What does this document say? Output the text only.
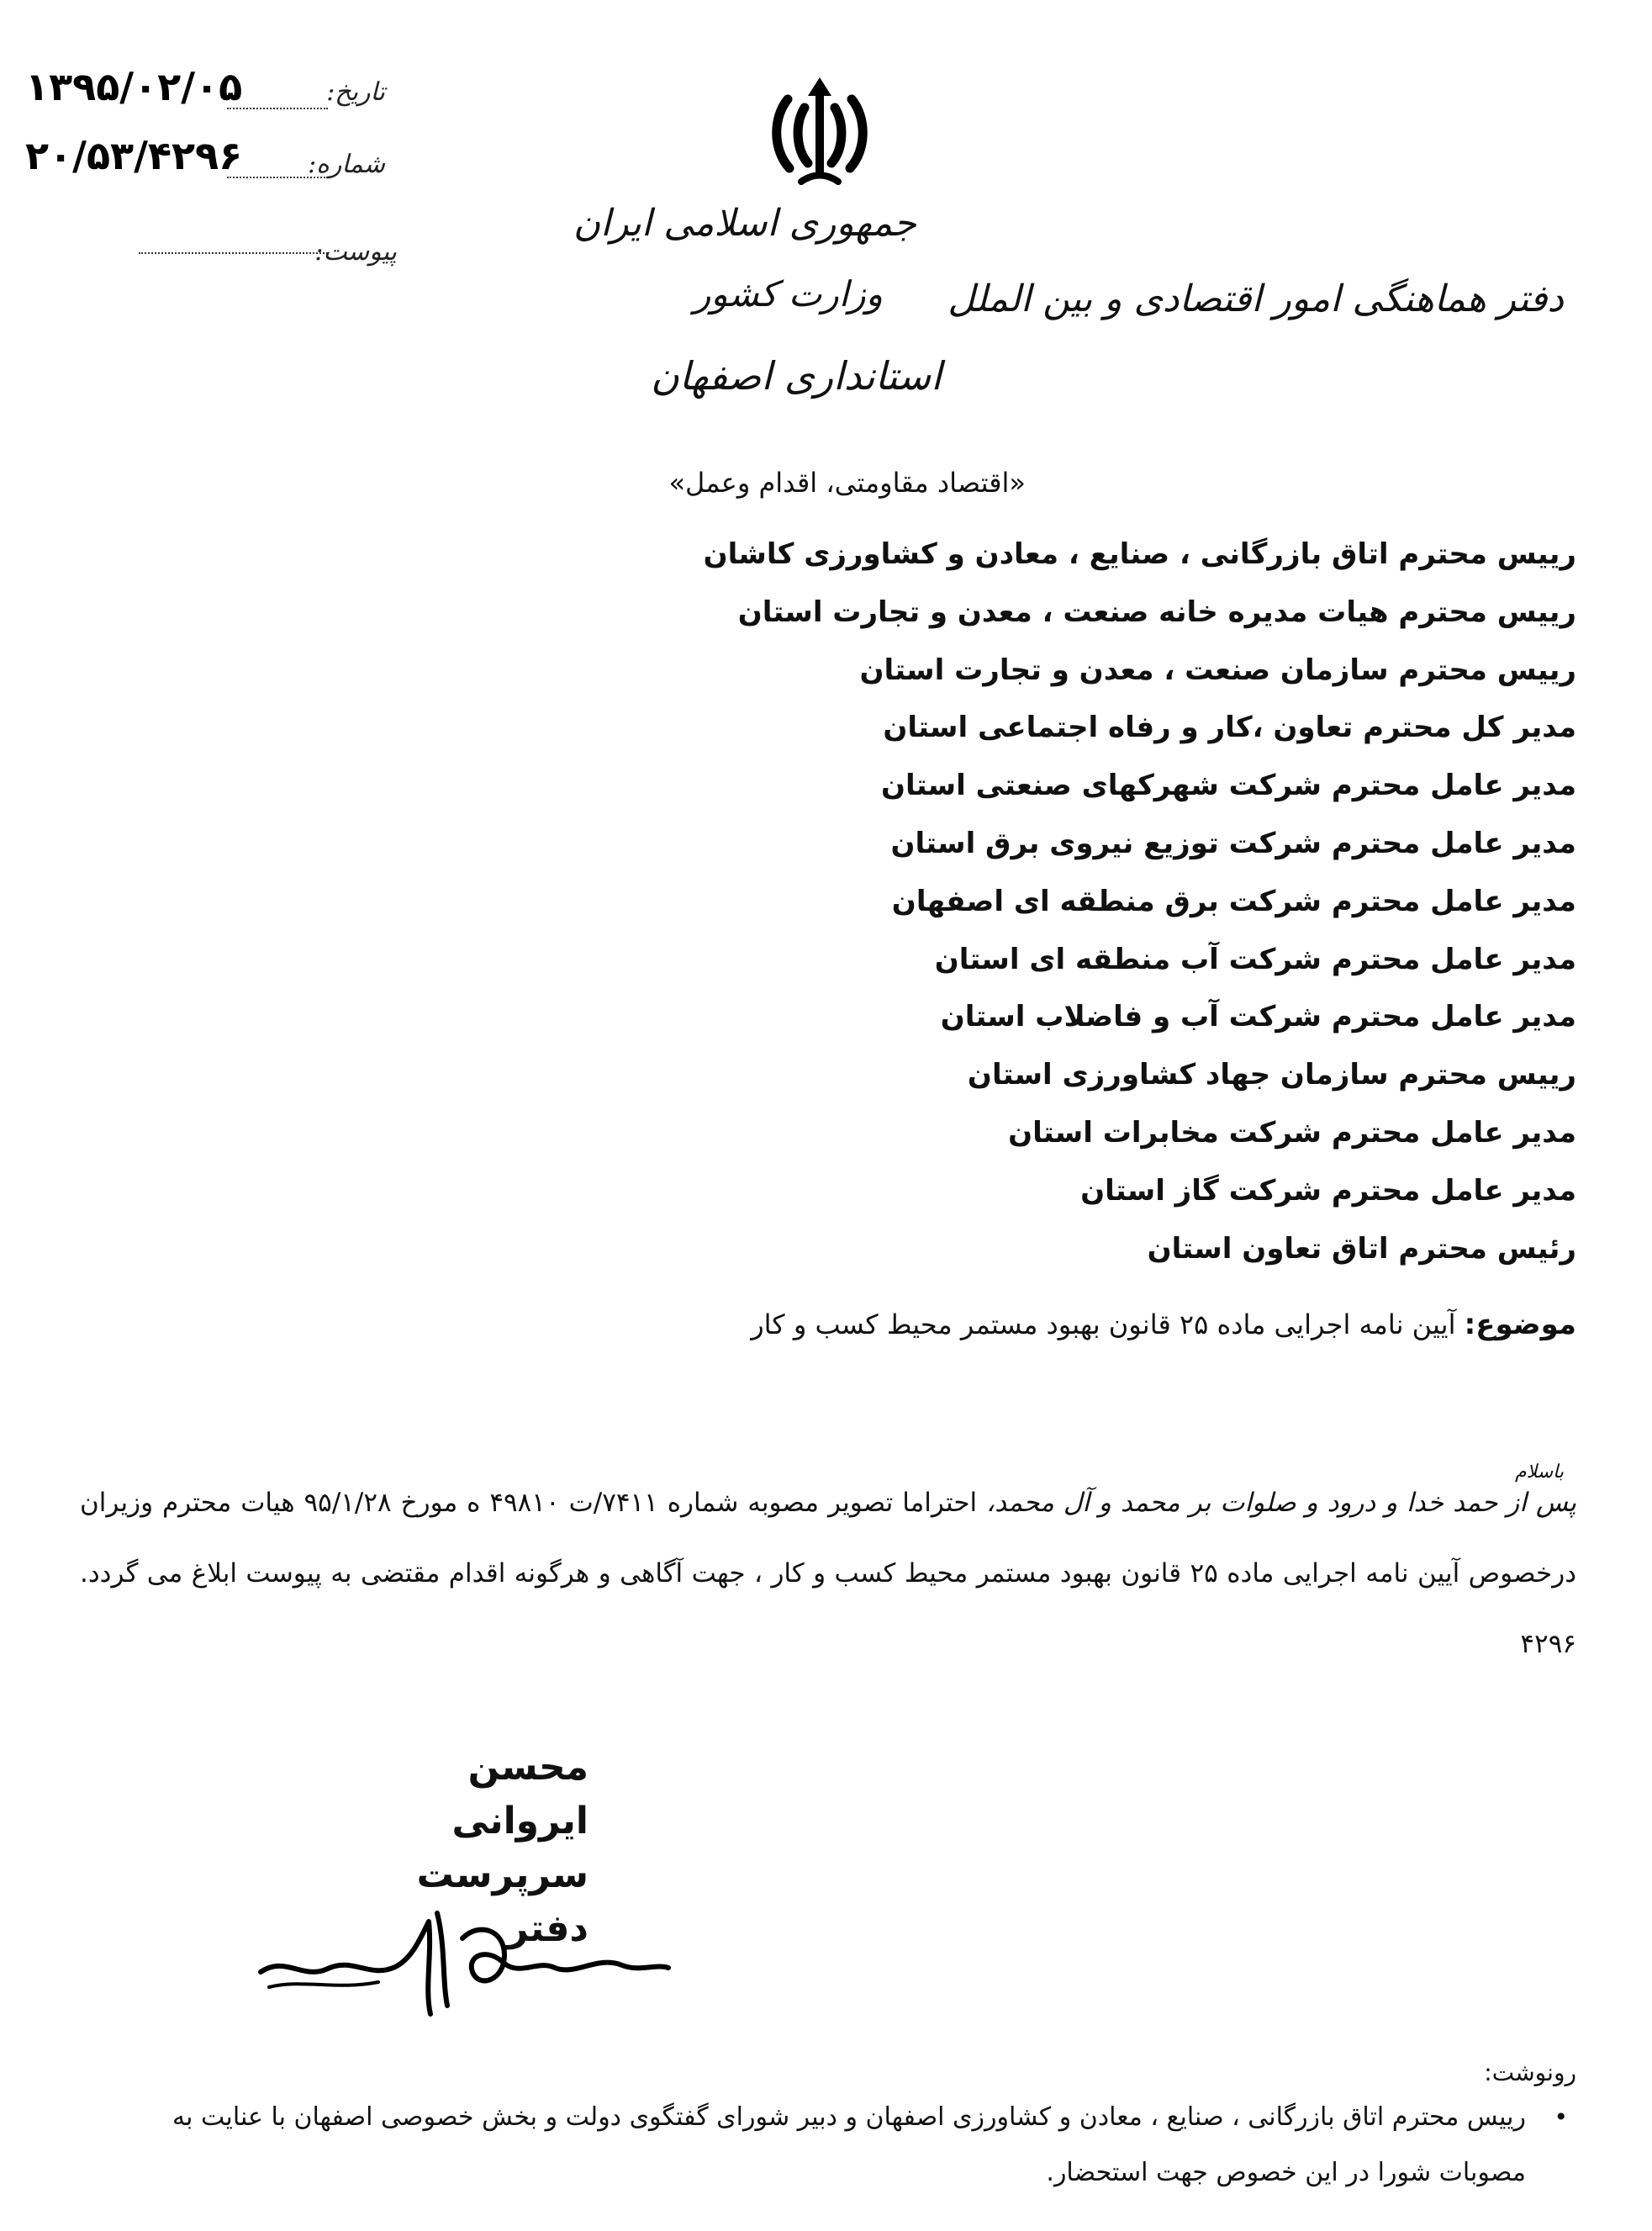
۱۳۹۵/۰۲/۰۵	تاریخ:
۲۰/۵۳/۴۲۹۶	شماره:
پیوست:
جمهوری اسلامی ایران
وزارت کشور
استانداری اصفهان
دفتر هماهنگی امور اقتصادی و بین الملل
«اقتصاد مقاومتی، اقدام وعمل»
رییس محترم اتاق بازرگانی ، صنایع ، معادن و کشاورزی کاشان
رییس محترم هیات مدیره خانه صنعت ، معدن و تجارت استان
رییس محترم سازمان صنعت ، معدن و تجارت استان
مدیر کل محترم تعاون ،کار و رفاه اجتماعی استان
مدیر عامل محترم شرکت شهرکهای صنعتی استان
مدیر عامل محترم شرکت توزیع نیروی برق استان
مدیر عامل محترم شرکت برق منطقه ای اصفهان
مدیر عامل محترم شرکت آب منطقه ای استان
مدیر عامل محترم شرکت آب و فاضلاب استان
رییس محترم سازمان جهاد کشاورزی استان
مدیر عامل محترم شرکت مخابرات استان
مدیر عامل محترم شرکت گاز استان
رئیس محترم اتاق تعاون استان
موضوع: آیین نامه اجرایی ماده ۲۵ قانون بهبود مستمر محیط کسب و کار
باسلام
پس از حمد خدا و درود و صلوات بر محمد و آل محمد، احتراما تصویر مصوبه شماره ۷۴۱۱/ت ۴۹۸۱۰ ه مورخ ۹۵/۱/۲۸ هیات محترم وزیران درخصوص آیین نامه اجرایی ماده ۲۵ قانون بهبود مستمر محیط کسب و کار ، جهت آگاهی و هرگونه اقدام مقتضی به پیوست ابلاغ می گردد. ۴۲۹۶
محسن ایروانی
سرپرست دفتر
رونوشت:
•
رییس محترم اتاق بازرگانی ، صنایع ، معادن و کشاورزی اصفهان و دبیر شورای گفتگوی دولت و بخش خصوصی اصفهان با عنایت به مصوبات شورا در این خصوص جهت استحضار.
